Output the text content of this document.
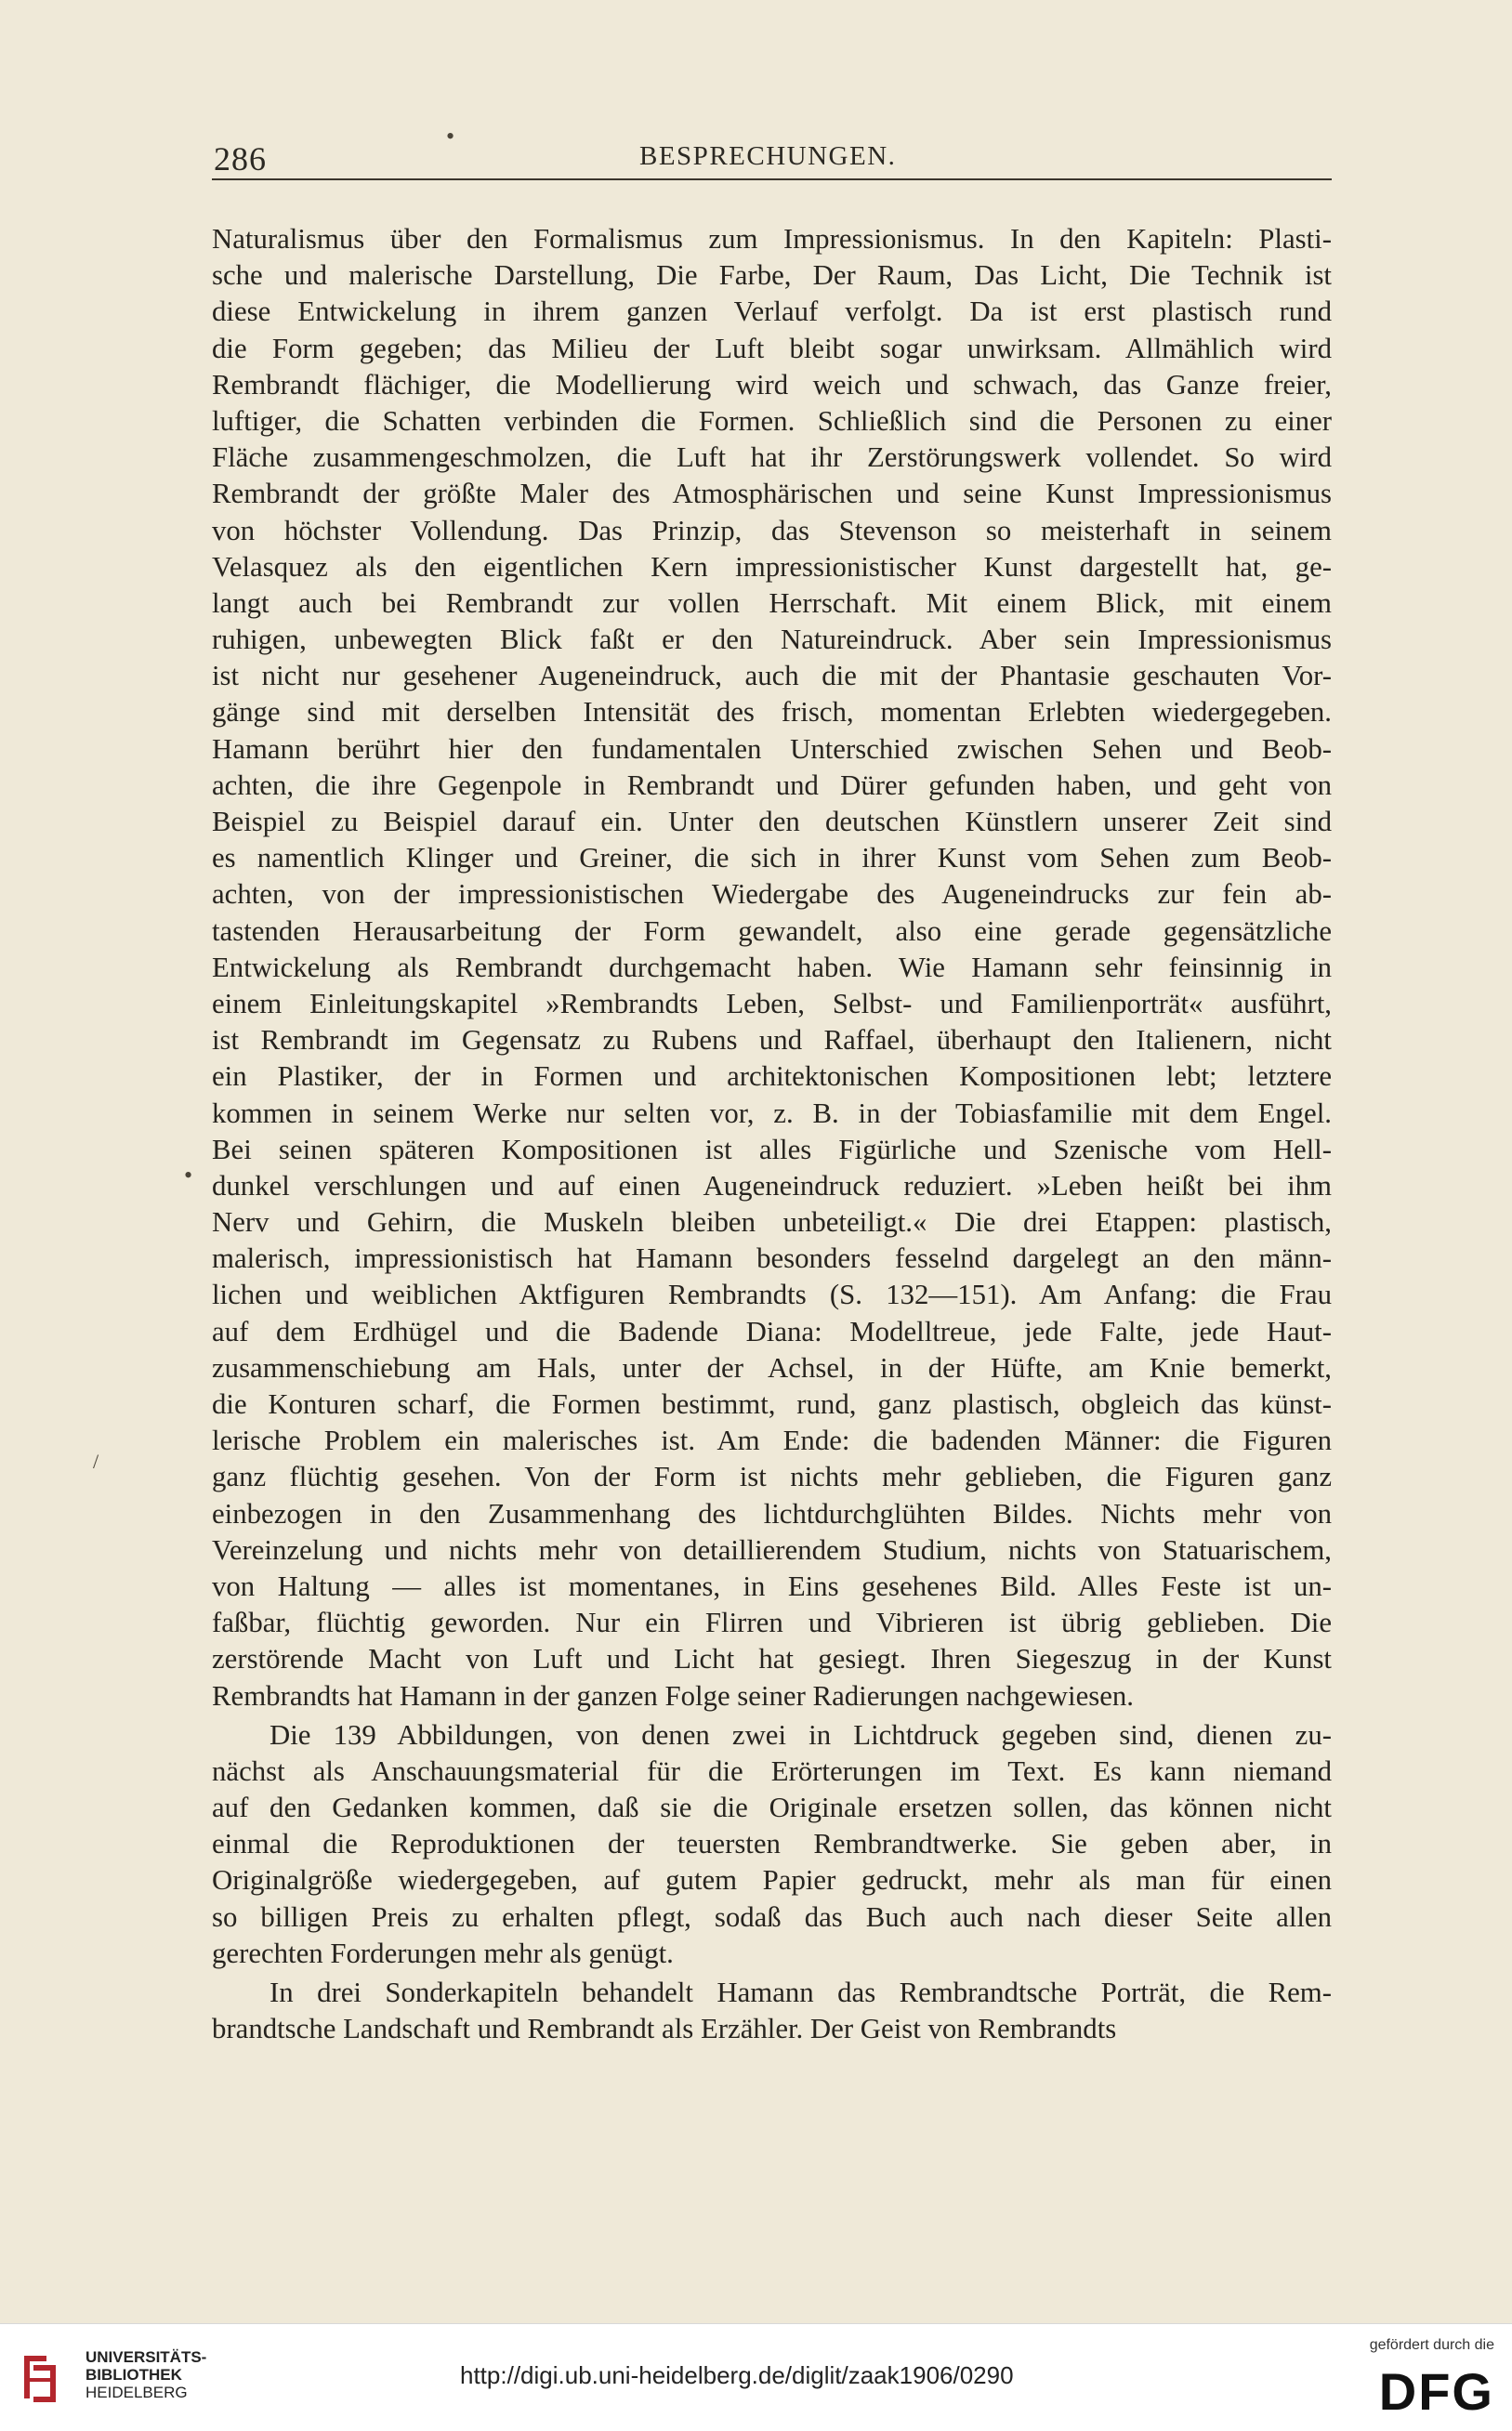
286	BESPRECHUNGEN.
•
•
/
Naturalismus über den Formalismus zum Impressionismus. In den Kapiteln: Plasti-
sche und malerische Darstellung, Die Farbe, Der Raum, Das Licht, Die Technik ist
diese Entwickelung in ihrem ganzen Verlauf verfolgt. Da ist erst plastisch rund
die Form gegeben; das Milieu der Luft bleibt sogar unwirksam. Allmählich wird
Rembrandt flächiger, die Modellierung wird weich und schwach, das Ganze freier,
luftiger, die Schatten verbinden die Formen. Schließlich sind die Personen zu einer
Fläche zusammengeschmolzen, die Luft hat ihr Zerstörungswerk vollendet. So wird
Rembrandt der größte Maler des Atmosphärischen und seine Kunst Impressionismus
von höchster Vollendung. Das Prinzip, das Stevenson so meisterhaft in seinem
Velasquez als den eigentlichen Kern impressionistischer Kunst dargestellt hat, ge-
langt auch bei Rembrandt zur vollen Herrschaft. Mit einem Blick, mit einem
ruhigen, unbewegten Blick faßt er den Natureindruck. Aber sein Impressionismus
ist nicht nur gesehener Augeneindruck, auch die mit der Phantasie geschauten Vor-
gänge sind mit derselben Intensität des frisch, momentan Erlebten wiedergegeben.
Hamann berührt hier den fundamentalen Unterschied zwischen Sehen und Beob-
achten, die ihre Gegenpole in Rembrandt und Dürer gefunden haben, und geht von
Beispiel zu Beispiel darauf ein. Unter den deutschen Künstlern unserer Zeit sind
es namentlich Klinger und Greiner, die sich in ihrer Kunst vom Sehen zum Beob-
achten, von der impressionistischen Wiedergabe des Augeneindrucks zur fein ab-
tastenden Herausarbeitung der Form gewandelt, also eine gerade gegensätzliche
Entwickelung als Rembrandt durchgemacht haben. Wie Hamann sehr feinsinnig in
einem Einleitungskapitel »Rembrandts Leben, Selbst- und Familienporträt« ausführt,
ist Rembrandt im Gegensatz zu Rubens und Raffael, überhaupt den Italienern, nicht
ein Plastiker, der in Formen und architektonischen Kompositionen lebt; letztere
kommen in seinem Werke nur selten vor, z. B. in der Tobiasfamilie mit dem Engel.
Bei seinen späteren Kompositionen ist alles Figürliche und Szenische vom Hell-
dunkel verschlungen und auf einen Augeneindruck reduziert. »Leben heißt bei ihm
Nerv und Gehirn, die Muskeln bleiben unbeteiligt.« Die drei Etappen: plastisch,
malerisch, impressionistisch hat Hamann besonders fesselnd dargelegt an den männ-
lichen und weiblichen Aktfiguren Rembrandts (S. 132—151). Am Anfang: die Frau
auf dem Erdhügel und die Badende Diana: Modelltreue, jede Falte, jede Haut-
zusammenschiebung am Hals, unter der Achsel, in der Hüfte, am Knie bemerkt,
die Konturen scharf, die Formen bestimmt, rund, ganz plastisch, obgleich das künst-
lerische Problem ein malerisches ist. Am Ende: die badenden Männer: die Figuren
ganz flüchtig gesehen. Von der Form ist nichts mehr geblieben, die Figuren ganz
einbezogen in den Zusammenhang des lichtdurchglühten Bildes. Nichts mehr von
Vereinzelung und nichts mehr von detaillierendem Studium, nichts von Statuarischem,
von Haltung — alles ist momentanes, in Eins gesehenes Bild. Alles Feste ist un-
faßbar, flüchtig geworden. Nur ein Flirren und Vibrieren ist übrig geblieben. Die
zerstörende Macht von Luft und Licht hat gesiegt. Ihren Siegeszug in der Kunst
Rembrandts hat Hamann in der ganzen Folge seiner Radierungen nachgewiesen.
Die 139 Abbildungen, von denen zwei in Lichtdruck gegeben sind, dienen zu-
nächst als Anschauungsmaterial für die Erörterungen im Text. Es kann niemand
auf den Gedanken kommen, daß sie die Originale ersetzen sollen, das können nicht
einmal die Reproduktionen der teuersten Rembrandtwerke. Sie geben aber, in
Originalgröße wiedergegeben, auf gutem Papier gedruckt, mehr als man für einen
so billigen Preis zu erhalten pflegt, sodaß das Buch auch nach dieser Seite allen
gerechten Forderungen mehr als genügt.
In drei Sonderkapiteln behandelt Hamann das Rembrandtsche Porträt, die Rem-
brandtsche Landschaft und Rembrandt als Erzähler. Der Geist von Rembrandts
UNIVERSITÄTS-
BIBLIOTHEK
HEIDELBERG
http://digi.ub.uni-heidelberg.de/diglit/zaak1906/0290
gefördert durch die
DFG
